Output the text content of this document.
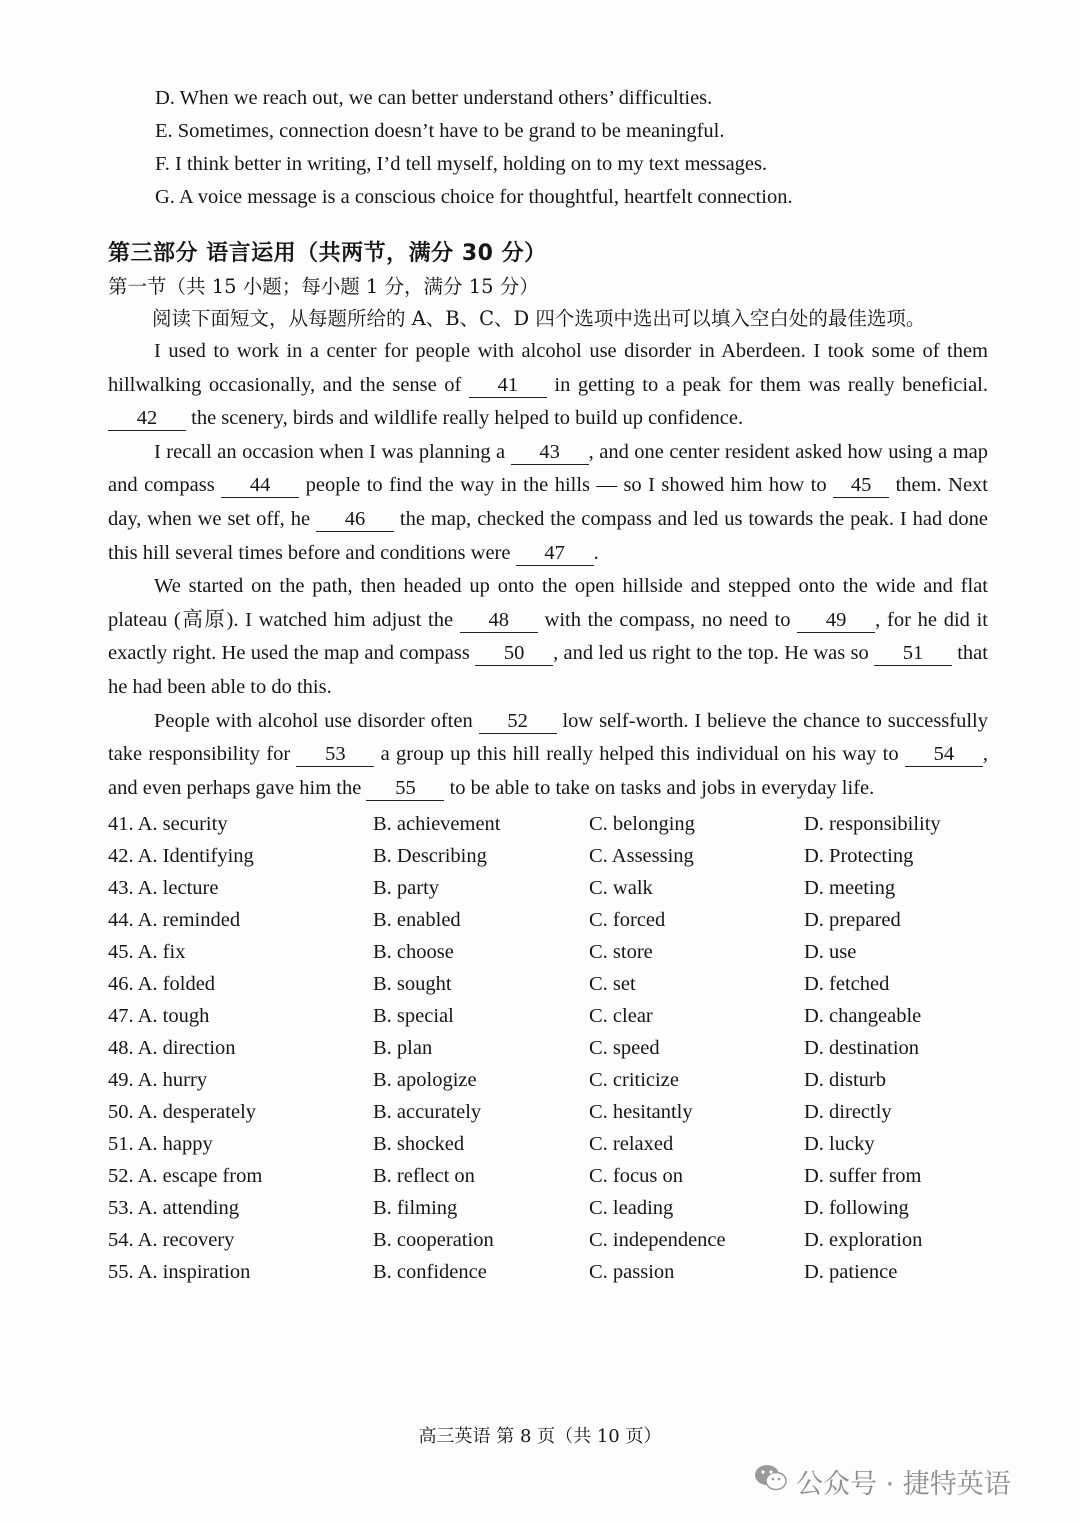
D. When we reach out, we can better understand others’ difficulties.
E. Sometimes, connection doesn’t have to be grand to be meaningful.
F. I think better in writing, I’d tell myself, holding on to my text messages.
G. A voice message is a conscious choice for thoughtful, heartfelt connection.
第三部分 语言运用（共两节，满分 30 分）
第一节（共 15 小题；每小题 1 分，满分 15 分）
阅读下面短文，从每题所给的 A、B、C、D 四个选项中选出可以填入空白处的最佳选项。

I used to work in a center for people with alcohol use disorder in Aberdeen. I took some of them hillwalking occasionally, and the sense of 41 in getting to a peak for them was really beneficial. 42 the scenery, birds and wildlife really helped to build up confidence.

I recall an occasion when I was planning a 43 , and one center resident asked how using a map and compass 44 people to find the way in the hills — so I showed him how to 45 them. Next day, when we set off, he 46 the map, checked the compass and led us towards the peak. I had done this hill several times before and conditions were 47 .

We started on the path, then headed up onto the open hillside and stepped onto the wide and flat plateau (高原). I watched him adjust the 48 with the compass, no need to 49 , for he did it exactly right. He used the map and compass 50 , and led us right to the top. He was so 51 that he had been able to do this.

People with alcohol use disorder often 52 low self-worth. I believe the chance to successfully take responsibility for 53 a group up this hill really helped this individual on his way to 54 , and even perhaps gave him the 55 to be able to take on tasks and jobs in everyday life.

41. A. security	B. achievement	C. belonging	D. responsibility
42. A. Identifying	B. Describing	C. Assessing	D. Protecting
43. A. lecture	B. party	C. walk	D. meeting
44. A. reminded	B. enabled	C. forced	D. prepared
45. A. fix	B. choose	C. store	D. use
46. A. folded	B. sought	C. set	D. fetched
47. A. tough	B. special	C. clear	D. changeable
48. A. direction	B. plan	C. speed	D. destination
49. A. hurry	B. apologize	C. criticize	D. disturb
50. A. desperately	B. accurately	C. hesitantly	D. directly
51. A. happy	B. shocked	C. relaxed	D. lucky
52. A. escape from	B. reflect on	C. focus on	D. suffer from
53. A. attending	B. filming	C. leading	D. following
54. A. recovery	B. cooperation	C. independence	D. exploration
55. A. inspiration	B. confidence	C. passion	D. patience
高三英语 第 8 页（共 10 页）
公众号 · 捷特英语
